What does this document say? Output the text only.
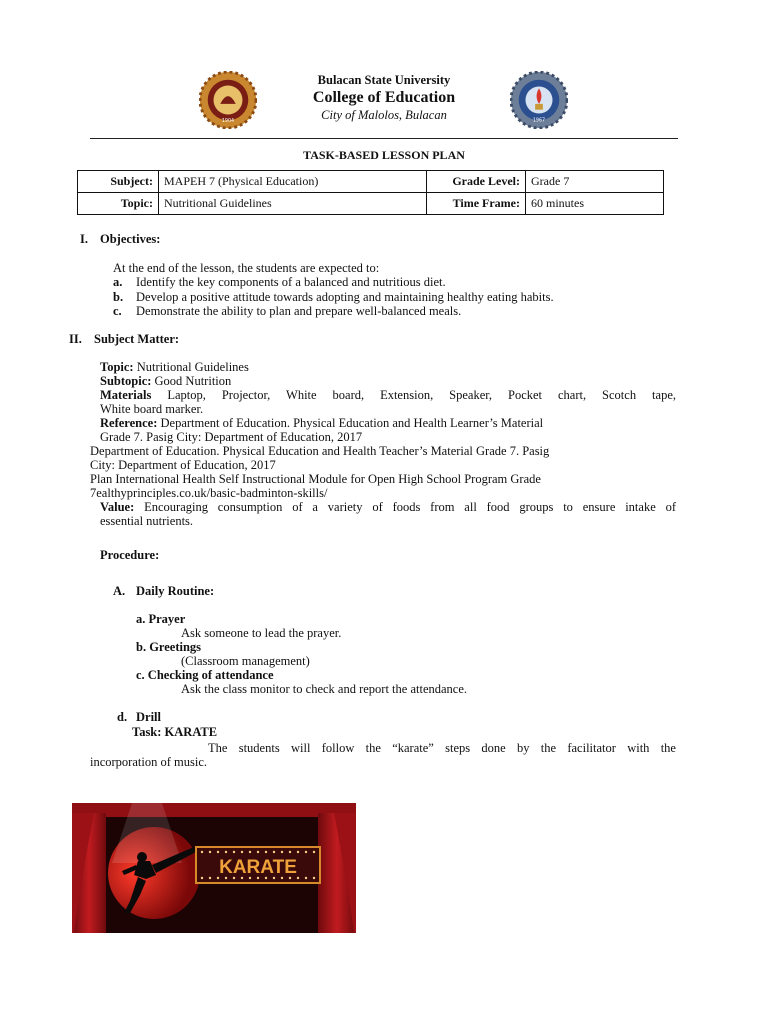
1904	1967
Bulacan State University
College of Education
City of Malolos, Bulacan
TASK-BASED LESSON PLAN
Subject:	MAPEH 7 (Physical Education)	Grade Level:	Grade 7
Topic:	Nutritional Guidelines	Time Frame:	60 minutes
I. Objectives:
At the end of the lesson, the students are expected to:
a. Identify the key components of a balanced and nutritious diet.
b. Develop a positive attitude towards adopting and maintaining healthy eating habits.
c. Demonstrate the ability to plan and prepare well-balanced meals.
II. Subject Matter:
Topic: Nutritional Guidelines
Subtopic: Good Nutrition
Materials Laptop, Projector, White board, Extension, Speaker, Pocket chart, Scotch tape,
White board marker.
Reference: Department of Education. Physical Education and Health Learner’s Material
Grade 7. Pasig City: Department of Education, 2017
Department of Education. Physical Education and Health Teacher’s Material Grade 7. Pasig
City: Department of Education, 2017
Plan International Health Self Instructional Module for Open High School Program Grade
7ealthyprinciples.co.uk/basic-badminton-skills/
Value: Encouraging consumption of a variety of foods from all food groups to ensure intake of
essential nutrients.
Procedure:
A. Daily Routine:
a. Prayer
Ask someone to lead the prayer.
b. Greetings
(Classroom management)
c. Checking of attendance
Ask the class monitor to check and report the attendance.
d. Drill
Task: KARATE
The students will follow the “karate” steps done by the facilitator with the
incorporation of music.
KARATE
